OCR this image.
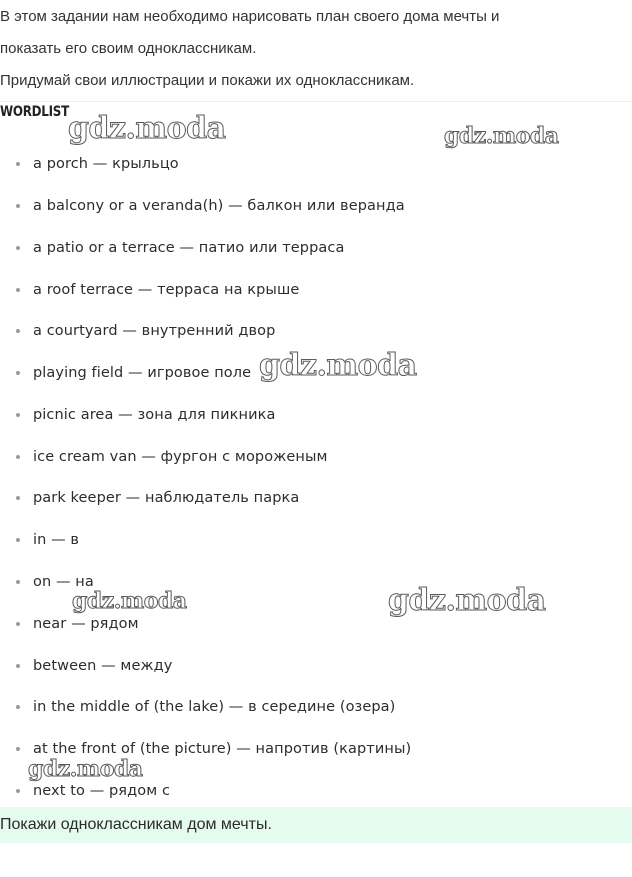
В этом задании нам необходимо нарисовать план своего дома мечты и
показать его своим одноклассникам.
Придумай свои иллюстрации и покажи их одноклассникам.
WORDLIST
a porch — крыльцо
a balcony or a veranda(h) — балкон или веранда
a patio or a terrace — патио или терраса
a roof terrace — терраса на крыше
a courtyard — внутренний двор
playing field — игровое поле
picnic area — зона для пикника
ice cream van — фургон с мороженым
park keeper — наблюдатель парка
in — в
on — на
near — рядом
between — между
in the middle of (the lake) — в середине (озера)
at the front of (the picture) — напротив (картины)
next to — рядом с
Покажи одноклассникам дом мечты.
gdz.moda	gdz.moda
gdz.moda
gdz.moda	gdz.moda
gdz.moda
